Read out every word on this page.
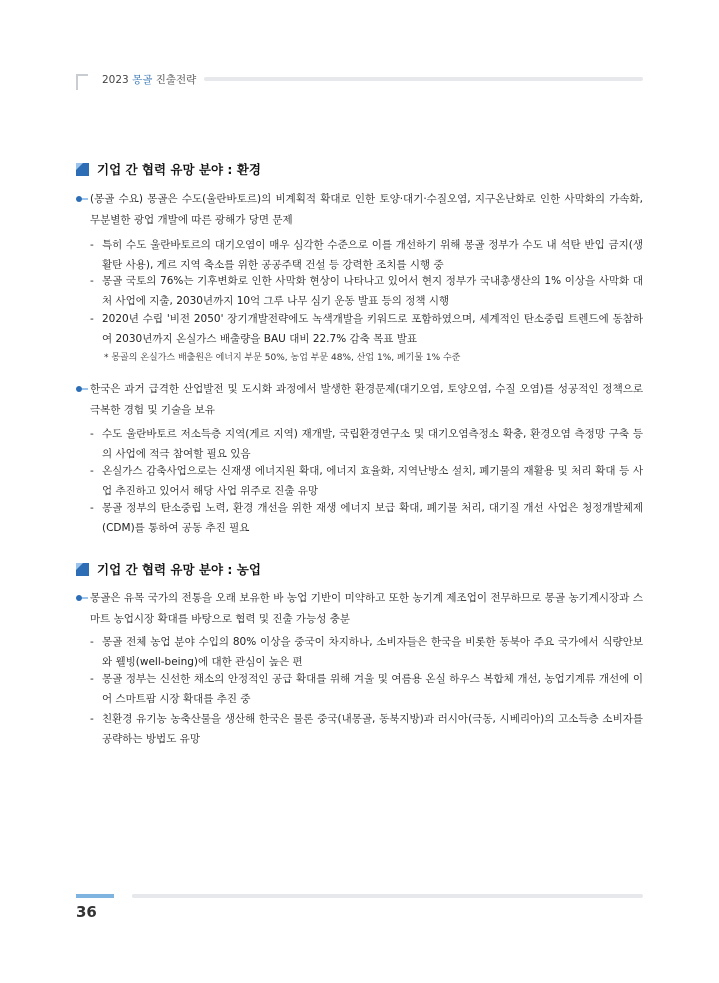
2023 몽골 진출전략
기업 간 협력 유망 분야 : 환경
(몽골 수요) 몽골은 수도(울란바토르)의 비계획적 확대로 인한 토양·대기·수질오염, 지구온난화로 인한 사막화의 가속화, 무분별한 광업 개발에 따른 광해가 당면 문제
- 특히 수도 울란바토르의 대기오염이 매우 심각한 수준으로 이를 개선하기 위해 몽골 정부가 수도 내 석탄 반입 금지(생활탄 사용), 게르 지역 축소를 위한 공공주택 건설 등 강력한 조치를 시행 중
- 몽골 국토의 76%는 기후변화로 인한 사막화 현상이 나타나고 있어서 현지 정부가 국내총생산의 1% 이상을 사막화 대처 사업에 지출, 2030년까지 10억 그루 나무 심기 운동 발표 등의 정책 시행
- 2020년 수립 '비전 2050' 장기개발전략에도 녹색개발을 키워드로 포함하였으며, 세계적인 탄소중립 트렌드에 동참하여 2030년까지 온실가스 배출량을 BAU 대비 22.7% 감축 목표 발표
* 몽골의 온실가스 배출원은 에너지 부문 50%, 농업 부문 48%, 산업 1%, 폐기물 1% 수준
한국은 과거 급격한 산업발전 및 도시화 과정에서 발생한 환경문제(대기오염, 토양오염, 수질 오염)를 성공적인 정책으로 극복한 경험 및 기술을 보유
- 수도 울란바토르 저소득층 지역(게르 지역) 재개발, 국립환경연구소 및 대기오염측정소 확충, 환경오염 측정망 구축 등의 사업에 적극 참여할 필요 있음
- 온실가스 감축사업으로는 신재생 에너지원 확대, 에너지 효율화, 지역난방소 설치, 폐기물의 재활용 및 처리 확대 등 사업 추진하고 있어서 해당 사업 위주로 진출 유망
- 몽골 정부의 탄소중립 노력, 환경 개선을 위한 재생 에너지 보급 확대, 폐기물 처리, 대기질 개선 사업은 청정개발체제(CDM)를 통하여 공동 추진 필요
기업 간 협력 유망 분야 : 농업
몽골은 유목 국가의 전통을 오래 보유한 바 농업 기반이 미약하고 또한 농기계 제조업이 전무하므로 몽골 농기계시장과 스마트 농업시장 확대를 바탕으로 협력 및 진출 가능성 충분
- 몽골 전체 농업 분야 수입의 80% 이상을 중국이 차지하나, 소비자들은 한국을 비롯한 동북아 주요 국가에서 식량안보와 웰빙(well-being)에 대한 관심이 높은 편
- 몽골 정부는 신선한 채소의 안정적인 공급 확대를 위해 겨울 및 여름용 온실 하우스 복합체 개선, 농업기계류 개선에 이어 스마트팜 시장 확대를 추진 중
- 친환경 유기농 농축산물을 생산해 한국은 물론 중국(내몽골, 동북지방)과 러시아(극동, 시베리아)의 고소득층 소비자를 공략하는 방법도 유망
36
